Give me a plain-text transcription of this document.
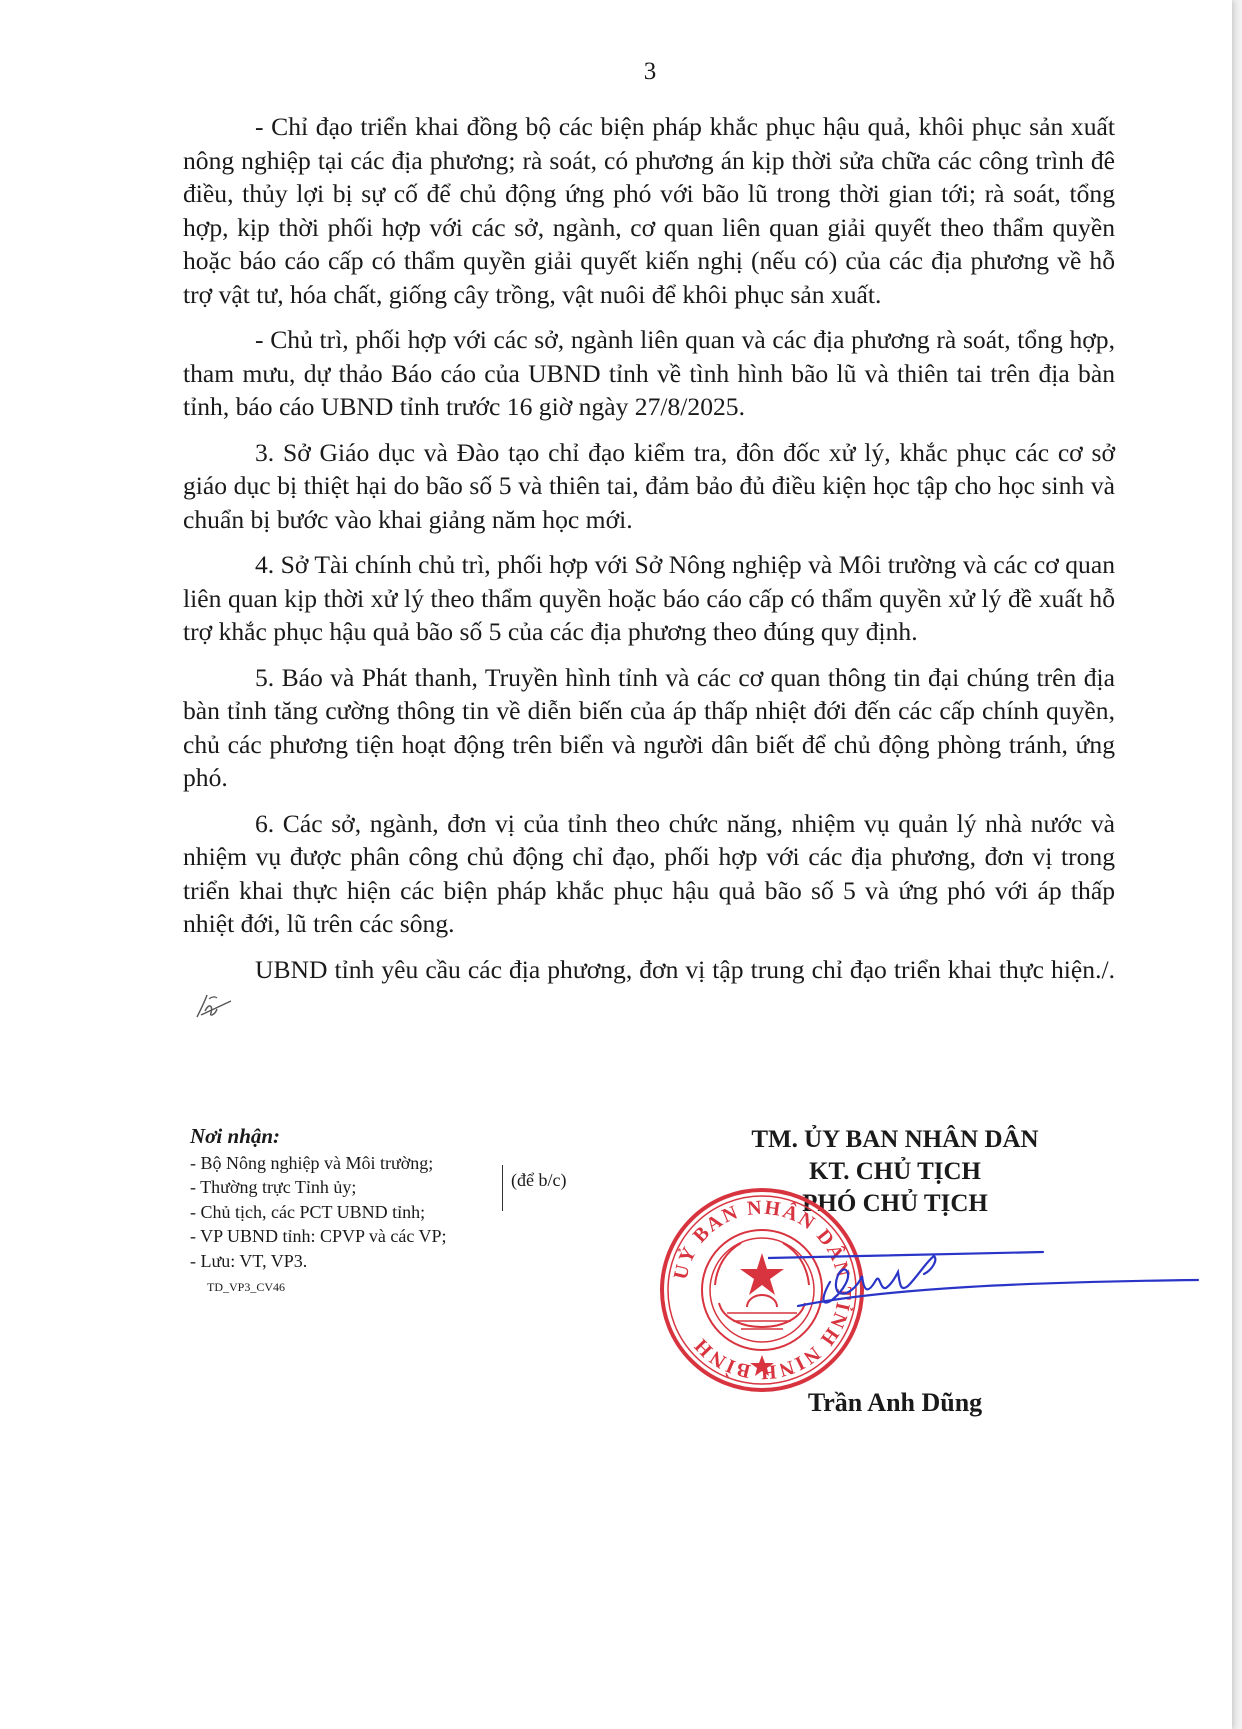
3

- Chỉ đạo triển khai đồng bộ các biện pháp khắc phục hậu quả, khôi phục sản xuất nông nghiệp tại các địa phương; rà soát, có phương án kịp thời sửa chữa các công trình đê điều, thủy lợi bị sự cố để chủ động ứng phó với bão lũ trong thời gian tới; rà soát, tổng hợp, kịp thời phối hợp với các sở, ngành, cơ quan liên quan giải quyết theo thẩm quyền hoặc báo cáo cấp có thẩm quyền giải quyết kiến nghị (nếu có) của các địa phương về hỗ trợ vật tư, hóa chất, giống cây trồng, vật nuôi để khôi phục sản xuất.

- Chủ trì, phối hợp với các sở, ngành liên quan và các địa phương rà soát, tổng hợp, tham mưu, dự thảo Báo cáo của UBND tỉnh về tình hình bão lũ và thiên tai trên địa bàn tỉnh, báo cáo UBND tỉnh trước 16 giờ ngày 27/8/2025.

3. Sở Giáo dục và Đào tạo chỉ đạo kiểm tra, đôn đốc xử lý, khắc phục các cơ sở giáo dục bị thiệt hại do bão số 5 và thiên tai, đảm bảo đủ điều kiện học tập cho học sinh và chuẩn bị bước vào khai giảng năm học mới.

4. Sở Tài chính chủ trì, phối hợp với Sở Nông nghiệp và Môi trường và các cơ quan liên quan kịp thời xử lý theo thẩm quyền hoặc báo cáo cấp có thẩm quyền xử lý đề xuất hỗ trợ khắc phục hậu quả bão số 5 của các địa phương theo đúng quy định.

5. Báo và Phát thanh, Truyền hình tỉnh và các cơ quan thông tin đại chúng trên địa bàn tỉnh tăng cường thông tin về diễn biến của áp thấp nhiệt đới đến các cấp chính quyền, chủ các phương tiện hoạt động trên biển và người dân biết để chủ động phòng tránh, ứng phó.

6. Các sở, ngành, đơn vị của tỉnh theo chức năng, nhiệm vụ quản lý nhà nước và nhiệm vụ được phân công chủ động chỉ đạo, phối hợp với các địa phương, đơn vị trong triển khai thực hiện các biện pháp khắc phục hậu quả bão số 5 và ứng phó với áp thấp nhiệt đới, lũ trên các sông.

UBND tỉnh yêu cầu các địa phương, đơn vị tập trung chỉ đạo triển khai thực hiện./.

Nơi nhận:
- Bộ Nông nghiệp và Môi trường;
- Thường trực Tỉnh ủy;
- Chủ tịch, các PCT UBND tỉnh;
- VP UBND tỉnh: CPVP và các VP;
- Lưu: VT, VP3.
(để b/c)
TD_VP3_CV46
TM. ỦY BAN NHÂN DÂN
KT. CHỦ TỊCH
PHÓ CHỦ TỊCH
UỶ BAN NHÂN DÂN TỈNH NINH BÌNH
Trần Anh Dũng
